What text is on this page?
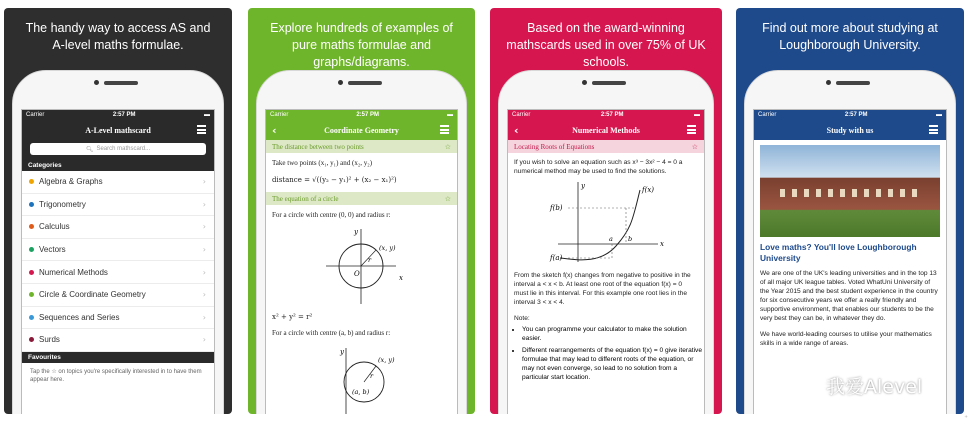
The handy way to access AS and A-level maths formulae.
Carrier	2:57 PM	▬
A-Level mathscard
🔍︎ Search mathscard...
Categories
Algebra & Graphs	›
Trigonometry	›
Calculus	›
Vectors	›
Numerical Methods	›
Circle & Coordinate Geometry	›
Sequences and Series	›
Surds	›
Favourites
Tap the ☆ on topics you're specifically interested in to have them appear here.
Explore hundreds of examples of pure maths formulae and graphs/diagrams.
Carrier	2:57 PM	▬
‹	Coordinate Geometry
The distance between two points	☆
Take two points (x₁, y₁) and (x₂, y₂)
distance = √((y₂ − y₁)² + (x₂ − x₁)²)
The equation of a circle	☆
For a circle with centre (0, 0) and radius r:
y
x
O
(x, y)
r
x² + y² = r²
For a circle with centre (a, b) and radius r:
y
(x, y)
(a, b)
r
Based on the award-winning mathscards used in over 75% of UK schools.
Carrier	2:57 PM	▬
‹	Numerical Methods
Locating Roots of Equations	☆
If you wish to solve an equation such as x³ − 3x² − 4 = 0 a numerical method may be used to find the solutions.
y	f(x)
f(b)
f(a)
a b
x
From the sketch f(x) changes from negative to positive in the interval a < x < b. At least one root of the equation f(x) = 0 must lie in this interval. For this example one root lies in the interval 3 < x < 4.
Note:
• You can programme your calculator to make the solution easier.
• Different rearrangements of the equation f(x) = 0 give iterative formulae that may lead to different roots of the equation, or may not even converge, so lead to no solution from a particular start location.
Find out more about studying at Loughborough University.
Carrier	2:57 PM	▬
Study with us
Love maths? You'll love Loughborough University
We are one of the UK's leading universities and in the top 13 of all major UK league tables. Voted WhatUni University of the Year 2015 and the best student experience in the country for six consecutive years we offer a really friendly and supportive environment, that enables our students to be the very best they can be, in whatever they do.
We have world-leading courses to utilise your mathematics skills in a wide range of areas.
我爱Alevel
⁺
